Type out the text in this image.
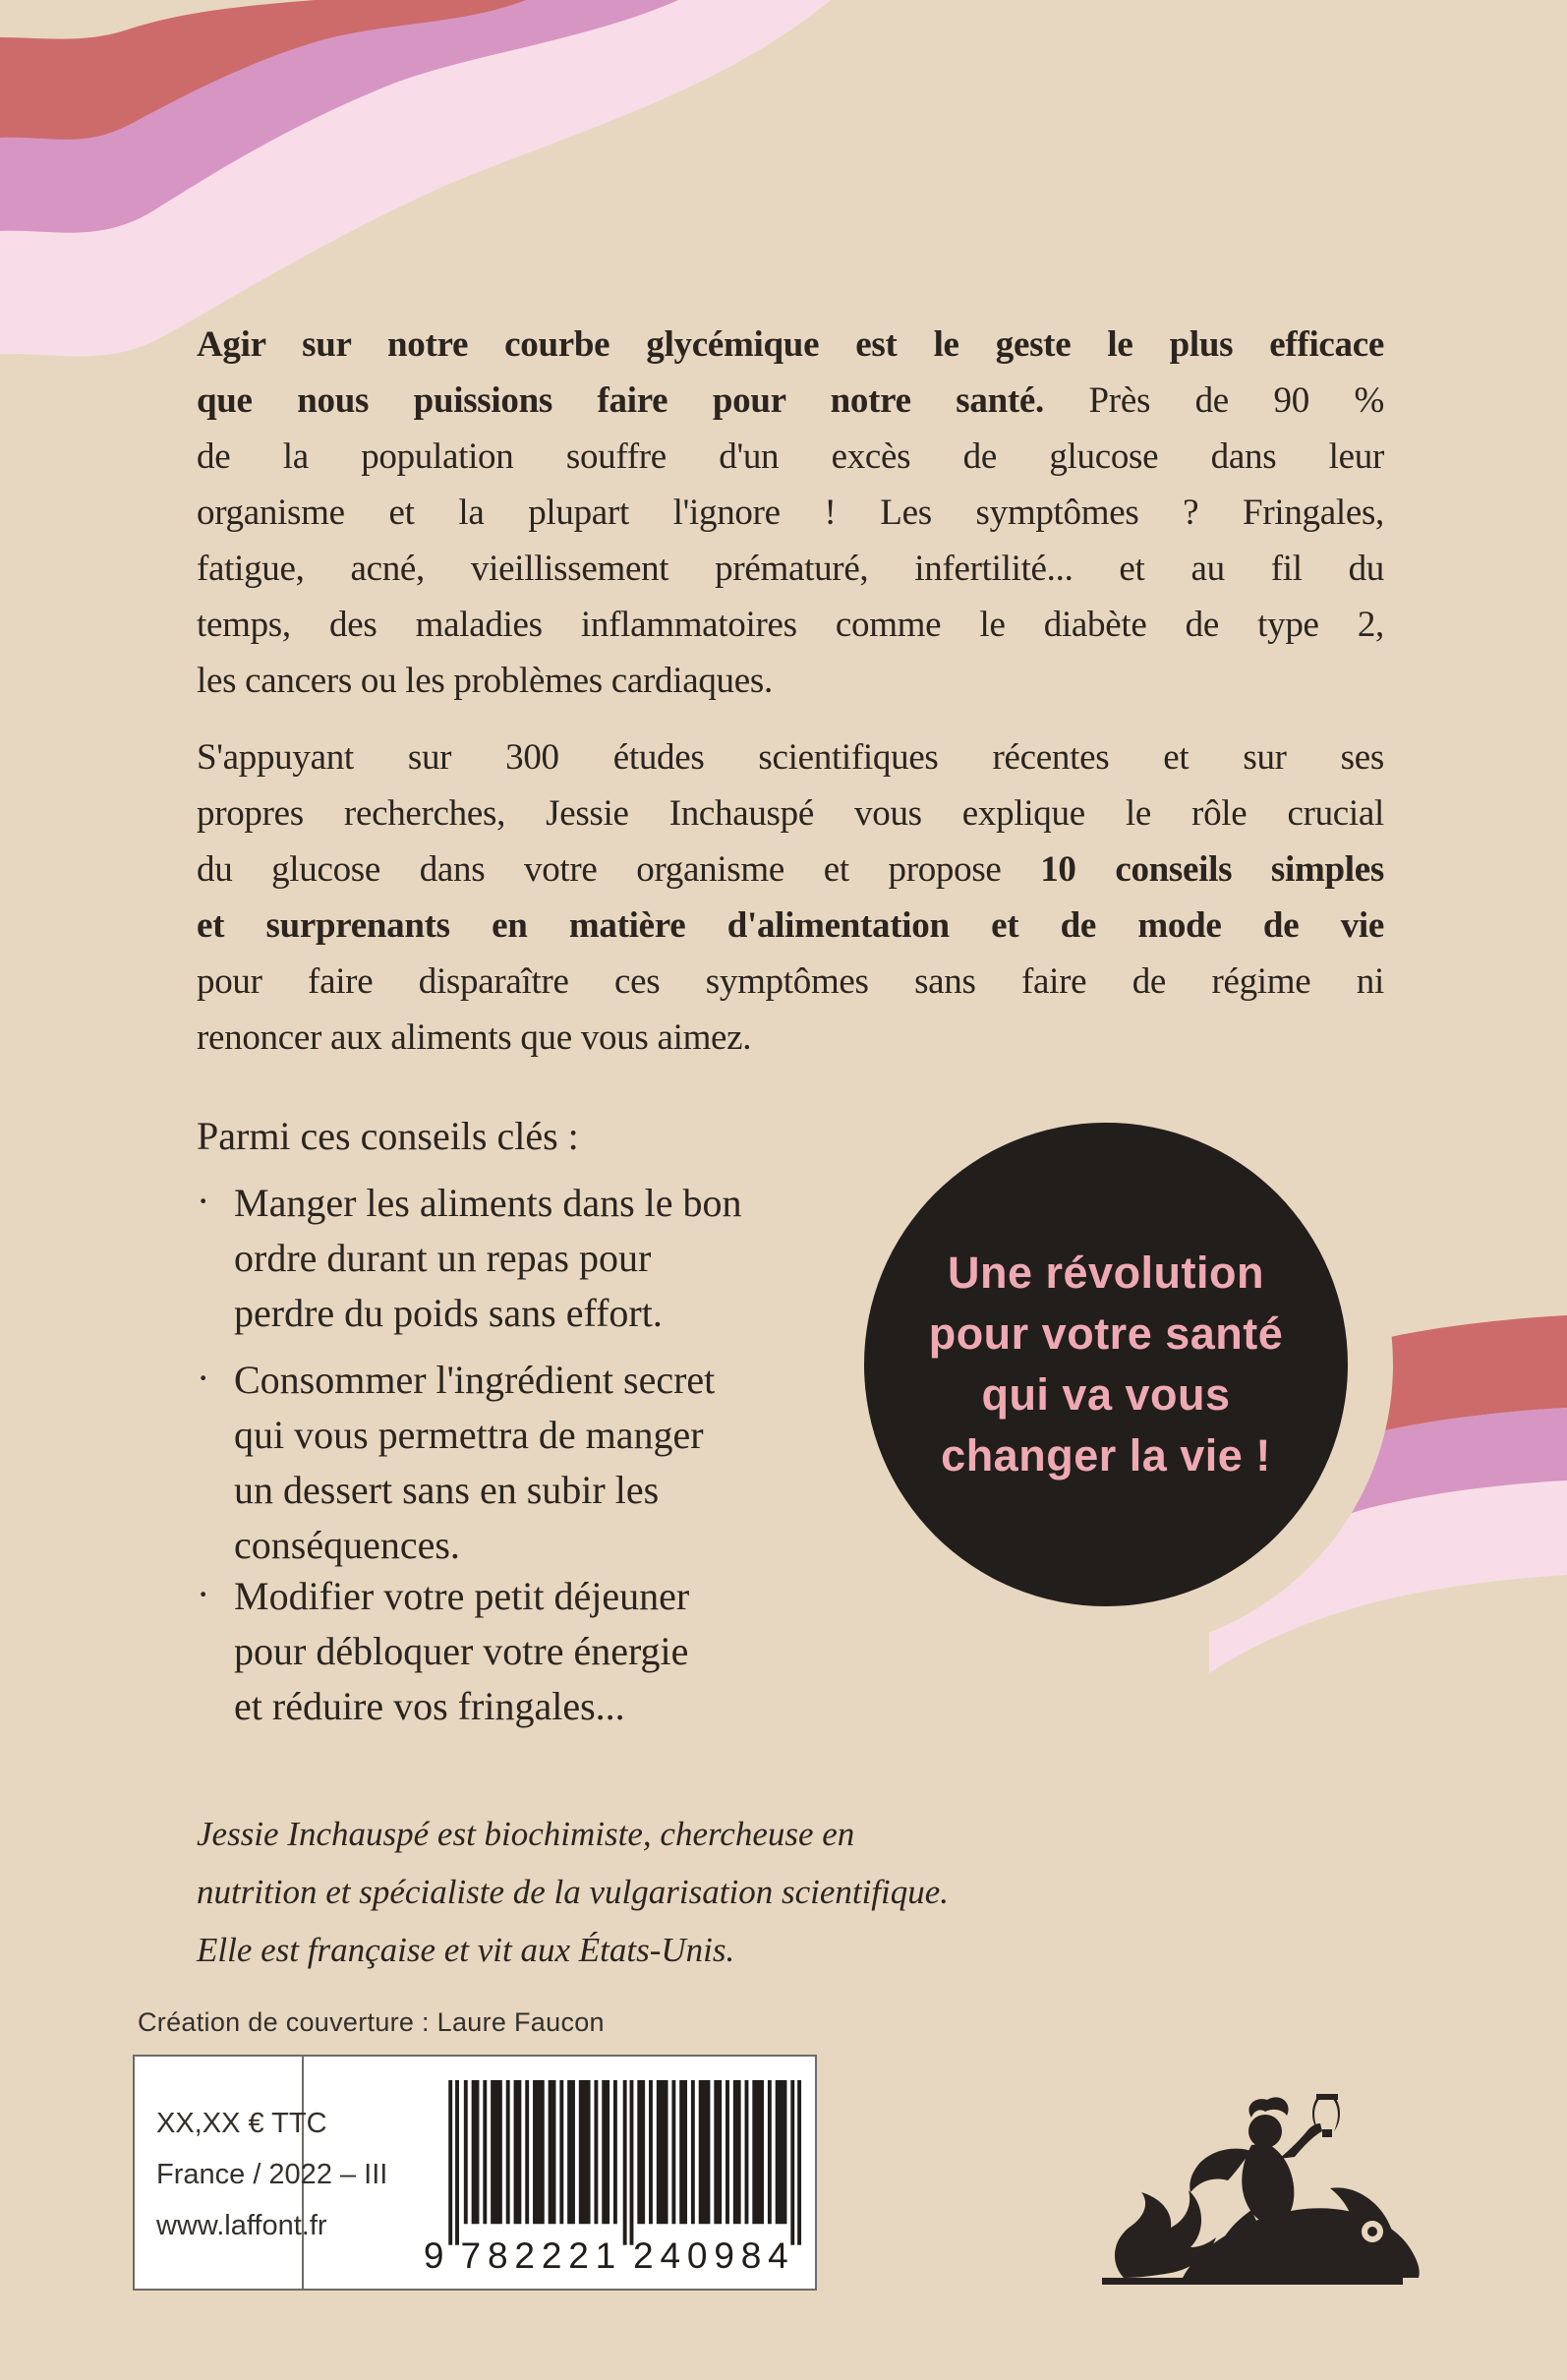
Agir sur notre courbe glycémique est le geste le plus efficace
que nous puissions faire pour notre santé. Près de 90 %
de la population souffre d'un excès de glucose dans leur
organisme et la plupart l'ignore ! Les symptômes ? Fringales,
fatigue, acné, vieillissement prématuré, infertilité... et au fil du
temps, des maladies inflammatoires comme le diabète de type 2,
les cancers ou les problèmes cardiaques.
S'appuyant sur 300 études scientifiques récentes et sur ses
propres recherches, Jessie Inchauspé vous explique le rôle crucial
du glucose dans votre organisme et propose 10 conseils simples
et surprenants en matière d'alimentation et de mode de vie
pour faire disparaître ces symptômes sans faire de régime ni
renoncer aux aliments que vous aimez.
Parmi ces conseils clés :
· Manger les aliments dans le bon
ordre durant un repas pour
perdre du poids sans effort.
· Consommer l'ingrédient secret
qui vous permettra de manger
un dessert sans en subir les
conséquences.
· Modifier votre petit déjeuner
pour débloquer votre énergie
et réduire vos fringales...
Une révolution
pour votre santé
qui va vous
changer la vie !
Jessie Inchauspé est biochimiste, chercheuse en
nutrition et spécialiste de la vulgarisation scientifique.
Elle est française et vit aux États-Unis.
Création de couverture : Laure Faucon
XX,XX € TTC
France / 2022 – III
www.laffont.fr
9 782221 240984
